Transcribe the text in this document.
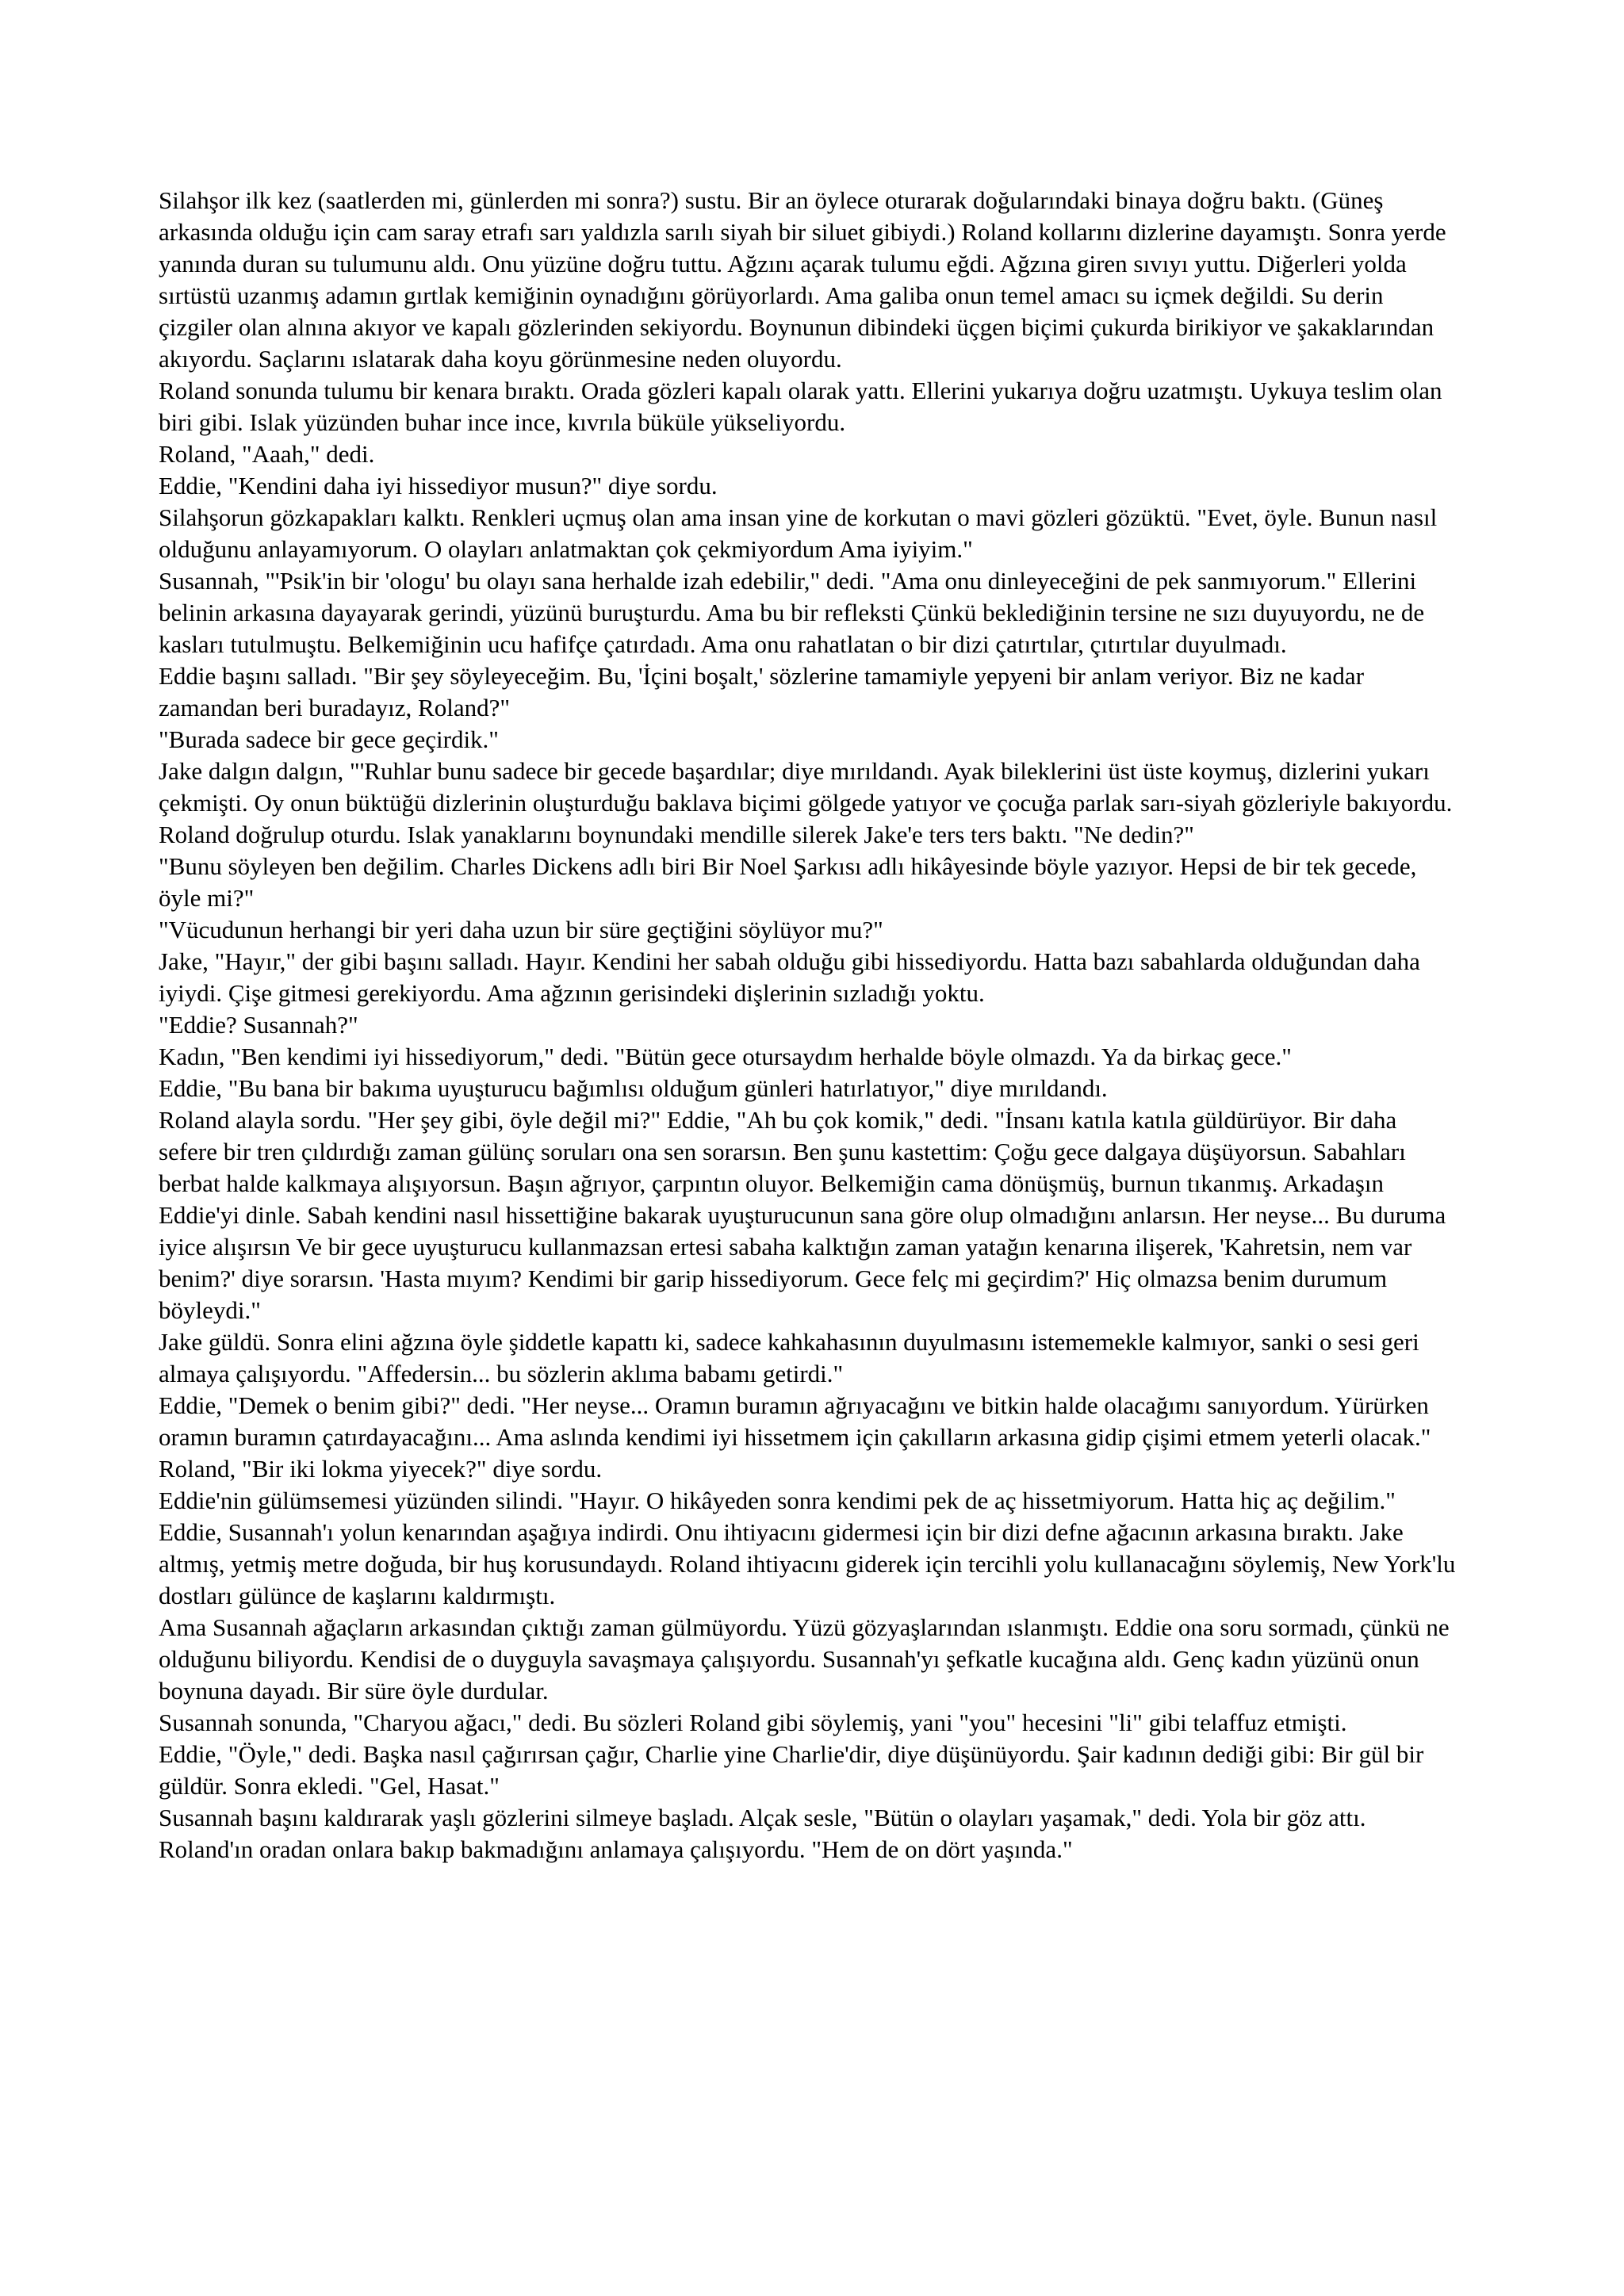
Silahşor ilk kez (saatlerden mi, günlerden mi sonra?) sustu. Bir an öylece oturarak doğularındaki binaya doğru baktı. (Güneş arkasında olduğu için cam saray etrafı sarı yaldızla sarılı siyah bir siluet gibiydi.) Roland kollarını dizlerine dayamıştı. Sonra yerde yanında duran su tulumunu aldı. Onu yüzüne doğru tuttu. Ağzını açarak tulumu eğdi. Ağzına giren sıvıyı yuttu. Diğerleri yolda sırtüstü uzanmış adamın gırtlak kemiğinin oynadığını görüyorlardı. Ama galiba onun temel amacı su içmek değildi. Su derin çizgiler olan alnına akıyor ve kapalı gözlerinden sekiyordu. Boynunun dibindeki üçgen biçimi çukurda birikiyor ve şakaklarından akıyordu. Saçlarını ıslatarak daha koyu görünmesine neden oluyordu.

Roland sonunda tulumu bir kenara bıraktı. Orada gözleri kapalı olarak yattı. Ellerini yukarıya doğru uzatmıştı. Uykuya teslim olan biri gibi. Islak yüzünden buhar ince ince, kıvrıla büküle yükseliyordu.

Roland, "Aaah," dedi.

Eddie, "Kendini daha iyi hissediyor musun?" diye sordu.

Silahşorun gözkapakları kalktı. Renkleri uçmuş olan ama insan yine de korkutan o mavi gözleri gözüktü. "Evet, öyle. Bunun nasıl olduğunu anlayamıyorum. O olayları anlatmaktan çok çekmiyordum Ama iyiyim."

Susannah, "'Psik'in bir 'ologu' bu olayı sana herhalde izah edebilir," dedi. "Ama onu dinleyeceğini de pek sanmıyorum." Ellerini belinin arkasına dayayarak gerindi, yüzünü buruşturdu. Ama bu bir refleksti Çünkü beklediğinin tersine ne sızı duyuyordu, ne de kasları tutulmuştu. Belkemiğinin ucu hafifçe çatırdadı. Ama onu rahatlatan o bir dizi çatırtılar, çıtırtılar duyulmadı.

Eddie başını salladı. "Bir şey söyleyeceğim. Bu, 'İçini boşalt,' sözlerine tamamiyle yepyeni bir anlam veriyor. Biz ne kadar zamandan beri buradayız, Roland?"

"Burada sadece bir gece geçirdik."

Jake dalgın dalgın, "'Ruhlar bunu sadece bir gecede başardılar; diye mırıldandı. Ayak bileklerini üst üste koymuş, dizlerini yukarı çekmişti. Oy onun büktüğü dizlerinin oluşturduğu baklava biçimi gölgede yatıyor ve çocuğa parlak sarı-siyah gözleriyle bakıyordu.

Roland doğrulup oturdu. Islak yanaklarını boynundaki mendille silerek Jake'e ters ters baktı. "Ne dedin?"

"Bunu söyleyen ben değilim. Charles Dickens adlı biri Bir Noel Şarkısı adlı hikâyesinde böyle yazıyor. Hepsi de bir tek gecede, öyle mi?"

"Vücudunun herhangi bir yeri daha uzun bir süre geçtiğini söylüyor mu?"

Jake, "Hayır," der gibi başını salladı. Hayır. Kendini her sabah olduğu gibi hissediyordu. Hatta bazı sabahlarda olduğundan daha iyiydi. Çişe gitmesi gerekiyordu. Ama ağzının gerisindeki dişlerinin sızladığı yoktu.

"Eddie? Susannah?"

Kadın, "Ben kendimi iyi hissediyorum," dedi. "Bütün gece otursaydım herhalde böyle olmazdı. Ya da birkaç gece."

Eddie, "Bu bana bir bakıma uyuşturucu bağımlısı olduğum günleri hatırlatıyor," diye mırıldandı.

Roland alayla sordu. "Her şey gibi, öyle değil mi?" Eddie, "Ah bu çok komik," dedi. "İnsanı katıla katıla güldürüyor. Bir daha sefere bir tren çıldırdığı zaman gülünç soruları ona sen sorarsın. Ben şunu kastettim: Çoğu gece dalgaya düşüyorsun. Sabahları berbat halde kalkmaya alışıyorsun. Başın ağrıyor, çarpıntın oluyor. Belkemiğin cama dönüşmüş, burnun tıkanmış. Arkadaşın Eddie'yi dinle. Sabah kendini nasıl hissettiğine bakarak uyuşturucunun sana göre olup olmadığını anlarsın. Her neyse... Bu duruma iyice alışırsın Ve bir gece uyuşturucu kullanmazsan ertesi sabaha kalktığın zaman yatağın kenarına ilişerek, 'Kahretsin, nem var benim?' diye sorarsın. 'Hasta mıyım? Kendimi bir garip hissediyorum. Gece felç mi geçirdim?' Hiç olmazsa benim durumum böyleydi."

Jake güldü. Sonra elini ağzına öyle şiddetle kapattı ki, sadece kahkahasının duyulmasını istememekle kalmıyor, sanki o sesi geri almaya çalışıyordu. "Affedersin... bu sözlerin aklıma babamı getirdi."

Eddie, "Demek o benim gibi?" dedi. "Her neyse... Oramın buramın ağrıyacağını ve bitkin halde olacağımı sanıyordum. Yürürken oramın buramın çatırdayacağını... Ama aslında kendimi iyi hissetmem için çakılların arkasına gidip çişimi etmem yeterli olacak."

Roland, "Bir iki lokma yiyecek?" diye sordu.

Eddie'nin gülümsemesi yüzünden silindi. "Hayır. O hikâyeden sonra kendimi pek de aç hissetmiyorum. Hatta hiç aç değilim."

Eddie, Susannah'ı yolun kenarından aşağıya indirdi. Onu ihtiyacını gidermesi için bir dizi defne ağacının arkasına bıraktı. Jake altmış, yetmiş metre doğuda, bir huş korusundaydı. Roland ihtiyacını giderek için tercihli yolu kullanacağını söylemiş, New York'lu dostları gülünce de kaşlarını kaldırmıştı.

Ama Susannah ağaçların arkasından çıktığı zaman gülmüyordu. Yüzü gözyaşlarından ıslanmıştı. Eddie ona soru sormadı, çünkü ne olduğunu biliyordu. Kendisi de o duyguyla savaşmaya çalışıyordu. Susannah'yı şefkatle kucağına aldı. Genç kadın yüzünü onun boynuna dayadı. Bir süre öyle durdular.

Susannah sonunda, "Charyou ağacı," dedi. Bu sözleri Roland gibi söylemiş, yani "you" hecesini "li" gibi telaffuz etmişti.

Eddie, "Öyle," dedi. Başka nasıl çağırırsan çağır, Charlie yine Charlie'dir, diye düşünüyordu. Şair kadının dediği gibi: Bir gül bir güldür. Sonra ekledi. "Gel, Hasat."

Susannah başını kaldırarak yaşlı gözlerini silmeye başladı. Alçak sesle, "Bütün o olayları yaşamak," dedi. Yola bir göz attı. Roland'ın oradan onlara bakıp bakmadığını anlamaya çalışıyordu. "Hem de on dört yaşında."
